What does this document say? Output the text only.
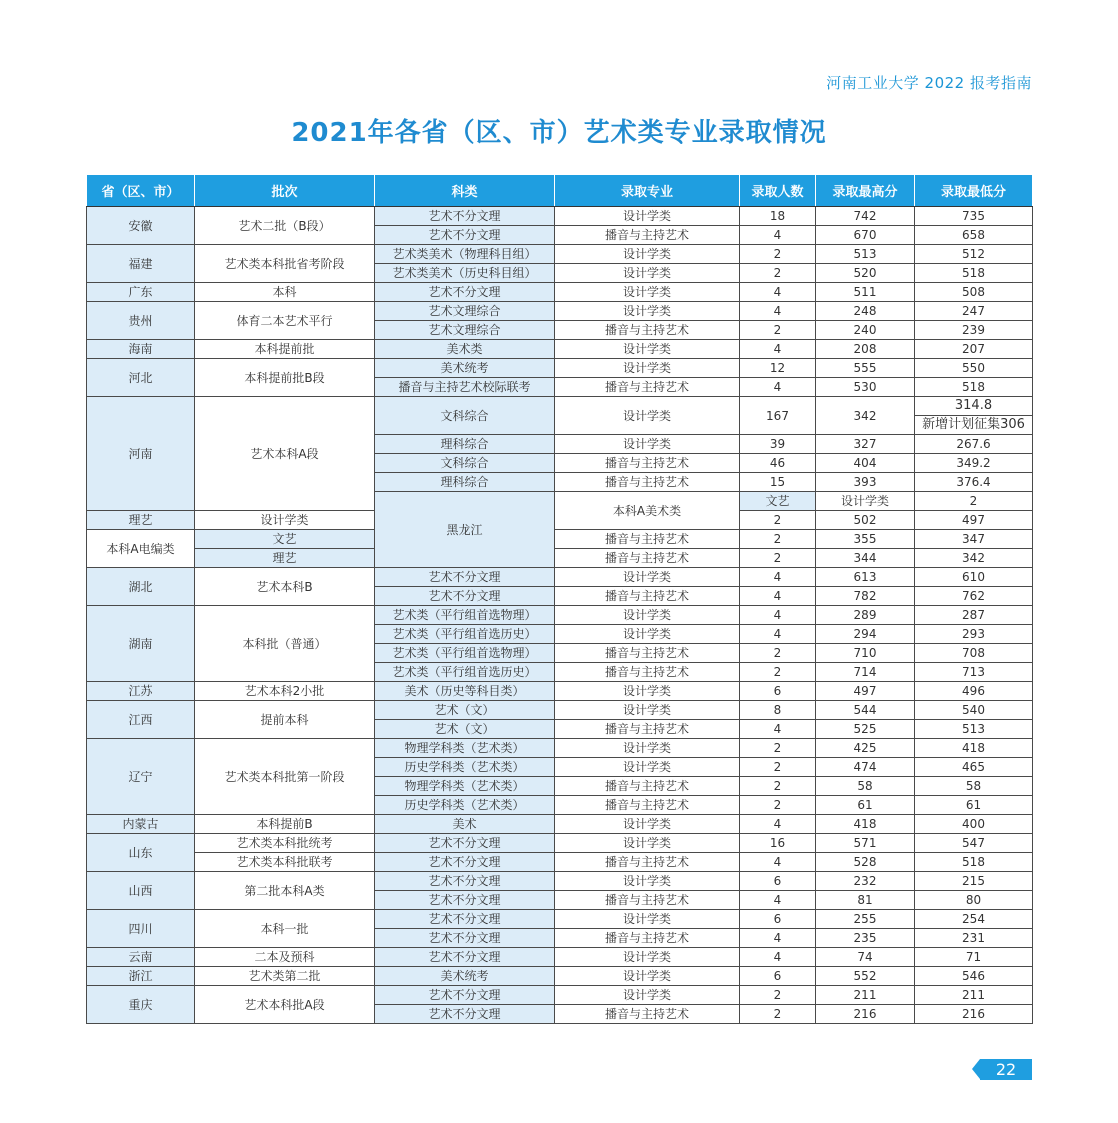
河南工业大学 2022 报考指南
2021年各省（区、市）艺术类专业录取情况
省（区、市）	批次	科类	录取专业	录取人数	录取最高分	录取最低分	
安徽	艺术二批（B段）	艺术不分文理	设计学类	18	742	735	
		艺术不分文理	播音与主持艺术	4	670	658	
福建	艺术类本科批省考阶段	艺术类美术（物理科目组）	设计学类	2	513	512	
		艺术类美术（历史科目组）	设计学类	2	520	518	
广东	本科	艺术不分文理	设计学类	4	511	508	
贵州	体育二本艺术平行	艺术文理综合	设计学类	4	248	247	
		艺术文理综合	播音与主持艺术	2	240	239	
海南	本科提前批	美术类	设计学类	4	208	207	
河北	本科提前批B段	美术统考	设计学类	12	555	550	
		播音与主持艺术校际联考	播音与主持艺术	4	530	518	
河南	艺术本科A段	文科综合	设计学类	167	342	314.8	
						新增计划征集306	
		理科综合	设计学类	39	327	267.6	
		文科综合	播音与主持艺术	46	404	349.2	
		理科综合	播音与主持艺术	15	393	376.4	
		黑龙江	本科A美术类	文艺	设计学类	2		
理艺	设计学类			2	502	497	
本科A电编类	文艺		播音与主持艺术	2	355	347	
	理艺		播音与主持艺术	2	344	342	
湖北	艺术本科B	艺术不分文理	设计学类	4	613	610	
		艺术不分文理	播音与主持艺术	4	782	762	
湖南	本科批（普通）	艺术类（平行组首选物理）	设计学类	4	289	287	
		艺术类（平行组首选历史）	设计学类	4	294	293	
		艺术类（平行组首选物理）	播音与主持艺术	2	710	708	
		艺术类（平行组首选历史）	播音与主持艺术	2	714	713	
江苏	艺术本科2小批	美术（历史等科目类）	设计学类	6	497	496	
江西	提前本科	艺术（文）	设计学类	8	544	540	
		艺术（文）	播音与主持艺术	4	525	513	
辽宁	艺术类本科批第一阶段	物理学科类（艺术类）	设计学类	2	425	418	
		历史学科类（艺术类）	设计学类	2	474	465	
		物理学科类（艺术类）	播音与主持艺术	2	58	58	
		历史学科类（艺术类）	播音与主持艺术	2	61	61	
内蒙古	本科提前B	美术	设计学类	4	418	400	
山东	艺术类本科批统考	艺术不分文理	设计学类	16	571	547	
	艺术类本科批联考	艺术不分文理	播音与主持艺术	4	528	518	
山西	第二批本科A类	艺术不分文理	设计学类	6	232	215	
		艺术不分文理	播音与主持艺术	4	81	80	
四川	本科一批	艺术不分文理	设计学类	6	255	254	
		艺术不分文理	播音与主持艺术	4	235	231	
云南	二本及预科	艺术不分文理	设计学类	4	74	71	
浙江	艺术类第二批	美术统考	设计学类	6	552	546	
重庆	艺术本科批A段	艺术不分文理	设计学类	2	211	211	
		艺术不分文理	播音与主持艺术	2	216	216	
22
